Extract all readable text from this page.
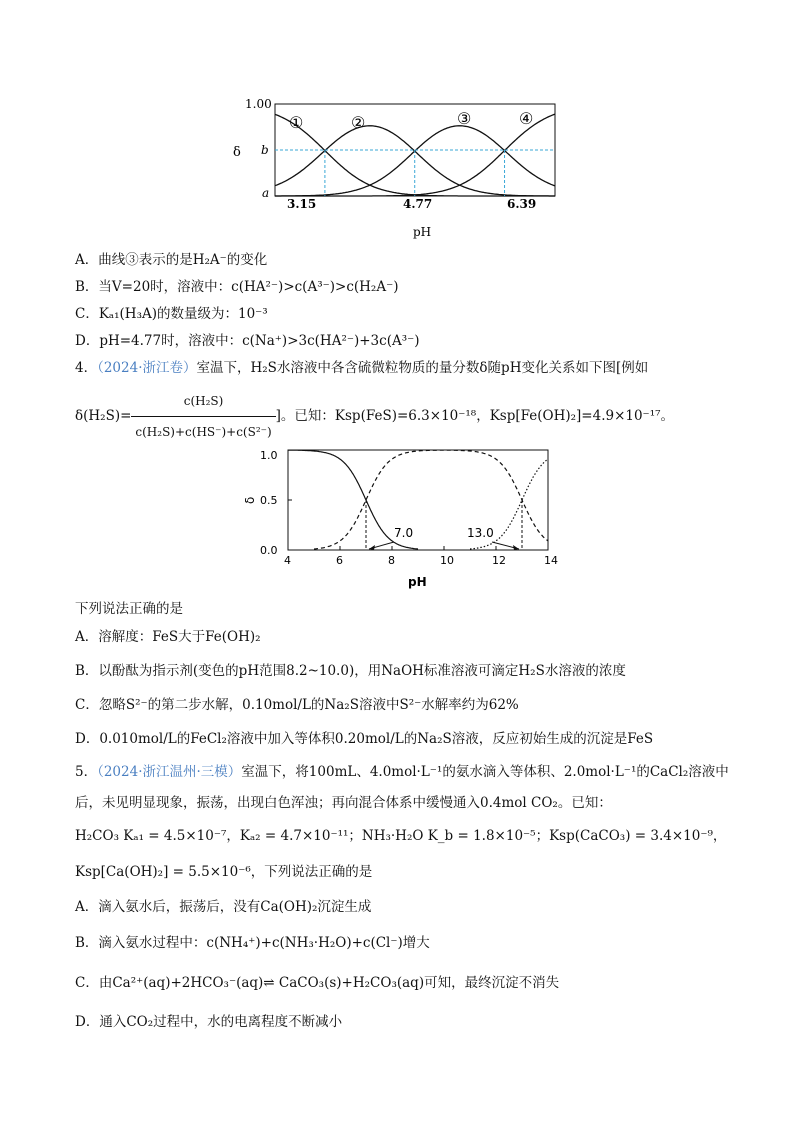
1.00
b
a
δ
3.15	4.77	6.39
pH
①	②	③	④
A．曲线③表示的是H₂A⁻的变化
B．当V=20时，溶液中：c(HA²⁻)>c(A³⁻)>c(H₂A⁻)
C．Kₐ₁(H₃A)的数量级为：10⁻³
D．pH=4.77时，溶液中：c(Na⁺)>3c(HA²⁻)+3c(A³⁻)
4．（2024·浙江卷）室温下，H₂S水溶液中各含硫微粒物质的量分数δ随pH变化关系如下图[例如
$\delta(H_2S)= \frac{\text{c(H₂S)}}{\text{c(H₂S)+c(HS⁻)+c(S²⁻)}}$ ]。已知：Ksp(FeS)=6.3×10⁻¹⁸，Ksp[Fe(OH)₂]=4.9×10⁻¹⁷。
4	6	8	10	12	14
1.0
0.5
0.0
δ
pH
7.0	13.0
下列说法正确的是
A．溶解度：FeS大于Fe(OH)₂
B．以酚酞为指示剂(变色的pH范围8.2~10.0)，用NaOH标准溶液可滴定H₂S水溶液的浓度
C．忽略S²⁻的第二步水解，0.10mol/L的Na₂S溶液中S²⁻水解率约为62%
D．0.010mol/L的FeCl₂溶液中加入等体积0.20mol/L的Na₂S溶液，反应初始生成的沉淀是FeS
5．（2024·浙江温州·三模）室温下，将100mL、4.0mol·L⁻¹的氨水滴入等体积、2.0mol·L⁻¹的CaCl₂溶液中
后，未见明显现象，振荡，出现白色浑浊；再向混合体系中缓慢通入0.4mol CO₂。已知：
H₂CO₃ Kₐ₁ = 4.5×10⁻⁷，Kₐ₂ = 4.7×10⁻¹¹；NH₃·H₂O K_b = 1.8×10⁻⁵；Ksp(CaCO₃) = 3.4×10⁻⁹，
Ksp[Ca(OH)₂] = 5.5×10⁻⁶，下列说法正确的是
A．滴入氨水后，振荡后，没有Ca(OH)₂沉淀生成
B．滴入氨水过程中：c(NH₄⁺)+c(NH₃·H₂O)+c(Cl⁻)增大
C．由Ca²⁺(aq)+2HCO₃⁻(aq)⇌ CaCO₃(s)+H₂CO₃(aq)可知，最终沉淀不消失
D．通入CO₂过程中，水的电离程度不断减小
